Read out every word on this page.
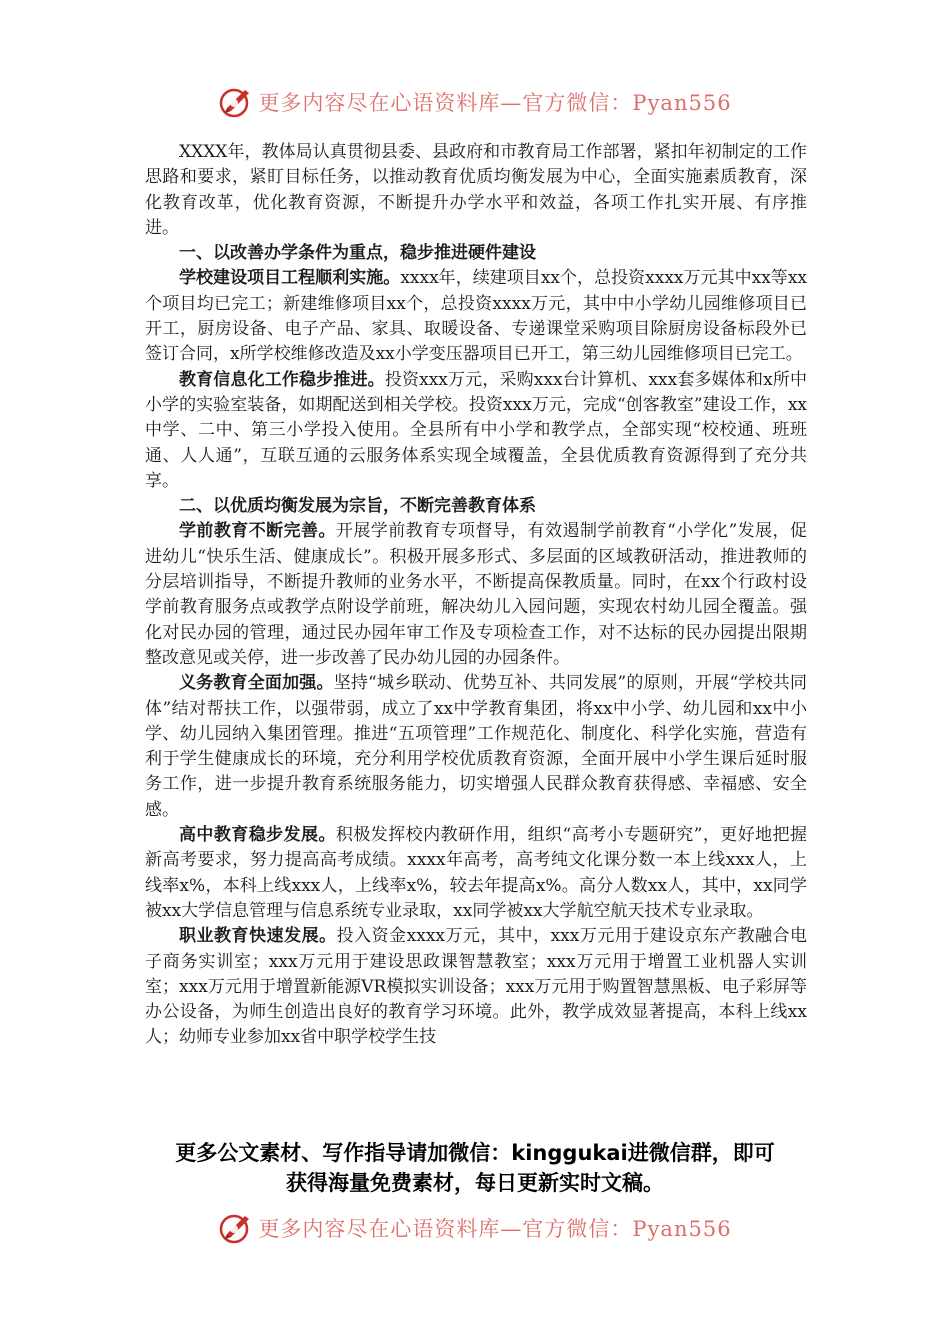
更多内容尽在心语资料库—官方微信：Pyan556

XXXX年，教体局认真贯彻县委、县政府和市教育局工作部署，紧扣年初制定的工作思路和要求，紧盯目标任务，以推动教育优质均衡发展为中心，全面实施素质教育，深化教育改革，优化教育资源，不断提升办学水平和效益，各项工作扎实开展、有序推进。

一、以改善办学条件为重点，稳步推进硬件建设

学校建设项目工程顺利实施。xxxx年，续建项目xx个，总投资xxxx万元其中xx等xx个项目均已完工；新建维修项目xx个，总投资xxxx万元，其中中小学幼儿园维修项目已开工，厨房设备、电子产品、家具、取暖设备、专递课堂采购项目除厨房设备标段外已签订合同，x所学校维修改造及xx小学变压器项目已开工，第三幼儿园维修项目已完工。

教育信息化工作稳步推进。投资xxx万元，采购xxx台计算机、xxx套多媒体和x所中小学的实验室装备，如期配送到相关学校。投资xxx万元，完成“创客教室”建设工作，xx中学、二中、第三小学投入使用。全县所有中小学和教学点，全部实现“校校通、班班通、人人通”，互联互通的云服务体系实现全域覆盖，全县优质教育资源得到了充分共享。

二、以优质均衡发展为宗旨，不断完善教育体系

学前教育不断完善。开展学前教育专项督导，有效遏制学前教育“小学化”发展，促进幼儿“快乐生活、健康成长”。积极开展多形式、多层面的区域教研活动，推进教师的分层培训指导，不断提升教师的业务水平，不断提高保教质量。同时，在xx个行政村设学前教育服务点或教学点附设学前班，解决幼儿入园问题，实现农村幼儿园全覆盖。强化对民办园的管理，通过民办园年审工作及专项检查工作，对不达标的民办园提出限期整改意见或关停，进一步改善了民办幼儿园的办园条件。

义务教育全面加强。坚持“城乡联动、优势互补、共同发展”的原则，开展“学校共同体”结对帮扶工作，以强带弱，成立了xx中学教育集团，将xx中小学、幼儿园和xx中小学、幼儿园纳入集团管理。推进“五项管理”工作规范化、制度化、科学化实施，营造有利于学生健康成长的环境，充分利用学校优质教育资源，全面开展中小学生课后延时服务工作，进一步提升教育系统服务能力，切实增强人民群众教育获得感、幸福感、安全感。

高中教育稳步发展。积极发挥校内教研作用，组织“高考小专题研究”，更好地把握新高考要求，努力提高高考成绩。xxxx年高考，高考纯文化课分数一本上线xxx人，上线率x%，本科上线xxx人，上线率x%，较去年提高x%。高分人数xx人，其中，xx同学被xx大学信息管理与信息系统专业录取，xx同学被xx大学航空航天技术专业录取。

职业教育快速发展。投入资金xxxx万元，其中，xxx万元用于建设京东产教融合电子商务实训室；xxx万元用于建设思政课智慧教室；xxx万元用于增置工业机器人实训室；xxx万元用于增置新能源VR模拟实训设备；xxx万元用于购置智慧黑板、电子彩屏等办公设备，为师生创造出良好的教育学习环境。此外，教学成效显著提高，本科上线xx人；幼师专业参加xx省中职学校学生技

更多公文素材、写作指导请加微信：kinggukai进微信群，即可
获得海量免费素材，每日更新实时文稿。
更多内容尽在心语资料库—官方微信：Pyan556
